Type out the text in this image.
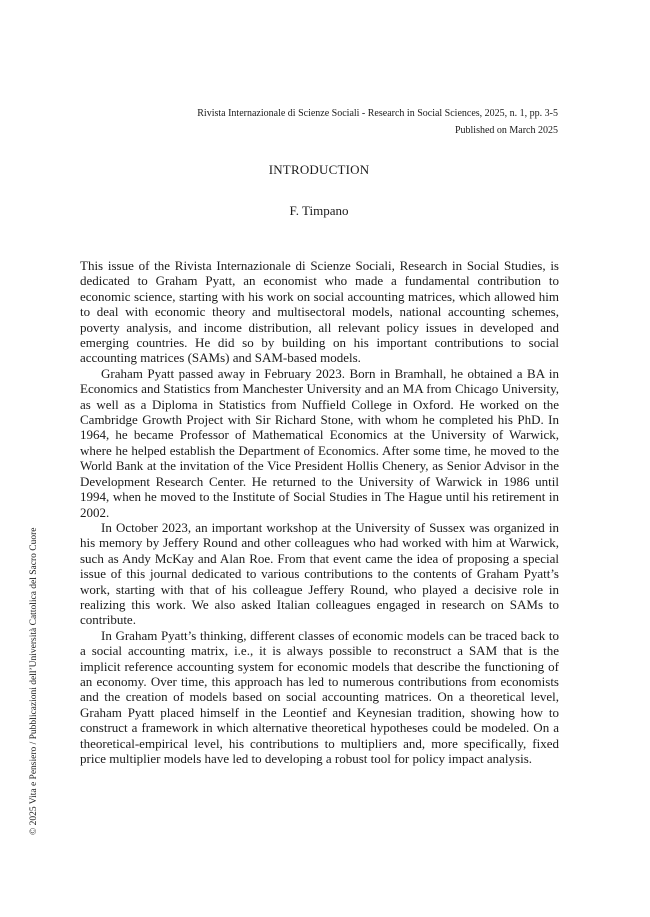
Rivista Internazionale di Scienze Sociali - Research in Social Sciences, 2025, n. 1, pp. 3-5
Published on March 2025
INTRODUCTION
F. Timpano

This issue of the Rivista Internazionale di Scienze Sociali, Research in Social Studies, is dedicated to Graham Pyatt, an economist who made a fundamental contribution to economic science, starting with his work on social accounting matrices, which allowed him to deal with economic theory and multisectoral models, national accounting schemes, poverty analysis, and income distribution, all relevant policy issues in developed and emerging countries. He did so by building on his important contributions to social accounting matrices (SAMs) and SAM-based models.

Graham Pyatt passed away in February 2023. Born in Bramhall, he obtained a BA in Economics and Statistics from Manchester University and an MA from Chicago University, as well as a Diploma in Statistics from Nuffield College in Oxford. He worked on the Cambridge Growth Project with Sir Richard Stone, with whom he completed his PhD. In 1964, he became Professor of Mathematical Economics at the University of Warwick, where he helped establish the Department of Economics. After some time, he moved to the World Bank at the invitation of the Vice President Hollis Chenery, as Senior Advisor in the Development Research Center. He returned to the University of Warwick in 1986 until 1994, when he moved to the Institute of Social Studies in The Hague until his retirement in 2002.

In October 2023, an important workshop at the University of Sussex was organized in his memory by Jeffery Round and other colleagues who had worked with him at Warwick, such as Andy McKay and Alan Roe. From that event came the idea of proposing a special issue of this journal dedicated to various contributions to the contents of Graham Pyatt’s work, starting with that of his colleague Jeffery Round, who played a decisive role in realizing this work. We also asked Italian colleagues engaged in research on SAMs to contribute.

In Graham Pyatt’s thinking, different classes of economic models can be traced back to a social accounting matrix, i.e., it is always possible to reconstruct a SAM that is the implicit reference accounting system for economic models that describe the functioning of an economy. Over time, this approach has led to numerous contributions from economists and the creation of models based on social accounting matrices. On a theoretical level, Graham Pyatt placed himself in the Leontief and Keynesian tradition, showing how to construct a framework in which alternative theoretical hypotheses could be modeled. On a theoretical-empirical level, his contributions to multipliers and, more specifically, fixed price multiplier models have led to developing a robust tool for policy impact analysis.

© 2025 Vita e Pensiero / Pubblicazioni dell’Università Cattolica del Sacro Cuore
